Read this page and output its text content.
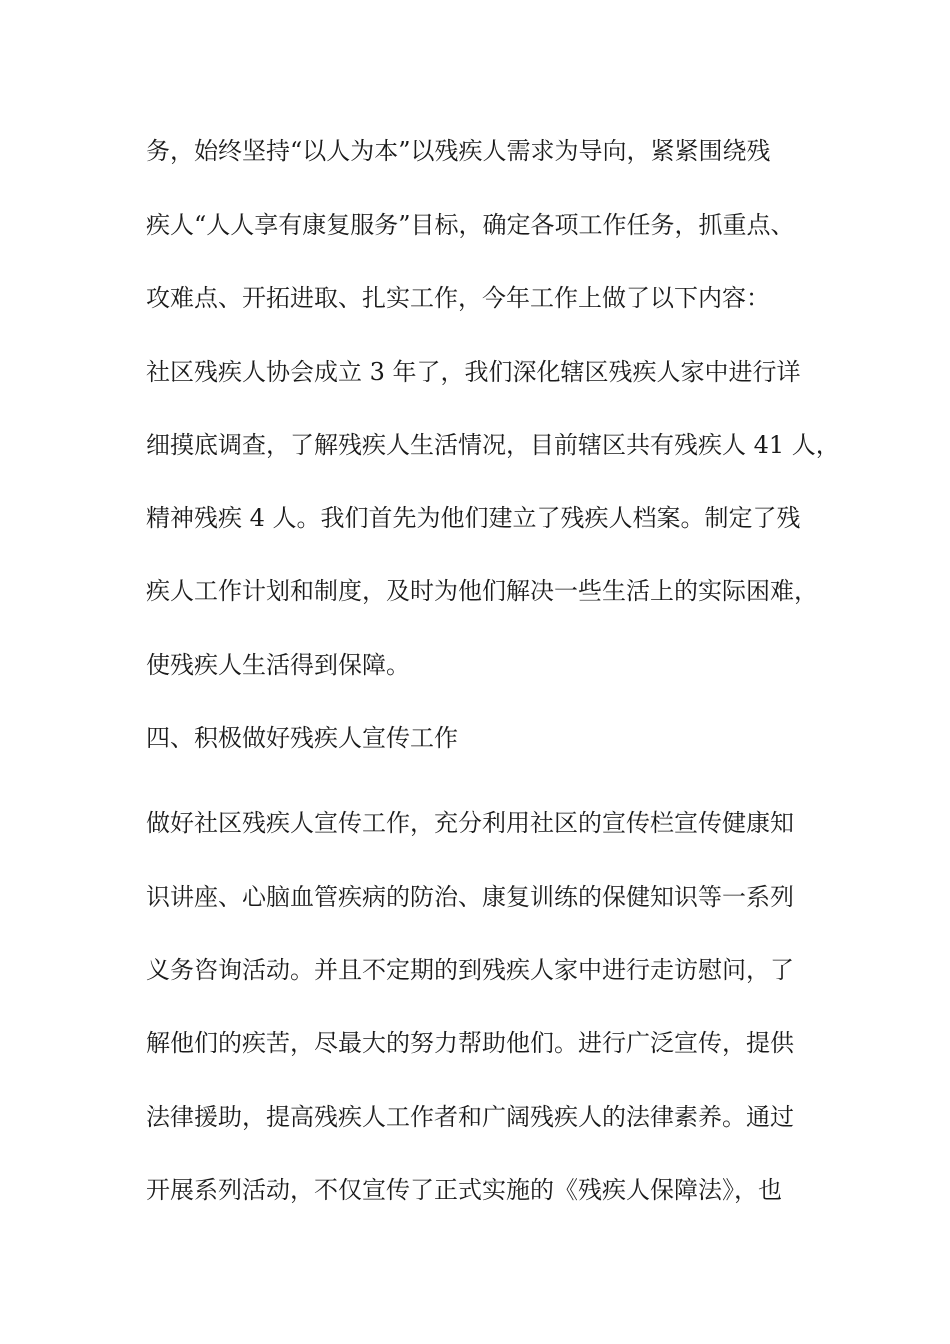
务，始终坚持“以人为本”以残疾人需求为导向，紧紧围绕残

疾人“人人享有康复服务”目标，确定各项工作任务，抓重点、

攻难点、开拓进取、扎实工作，今年工作上做了以下内容：

社区残疾人协会成立 3 年了，我们深化辖区残疾人家中进行详

细摸底调查，了解残疾人生活情况，目前辖区共有残疾人 41 人，

精神残疾 4 人。我们首先为他们建立了残疾人档案。制定了残

疾人工作计划和制度，及时为他们解决一些生活上的实际困难，

使残疾人生活得到保障。

四、积极做好残疾人宣传工作

做好社区残疾人宣传工作，充分利用社区的宣传栏宣传健康知

识讲座、心脑血管疾病的防治、康复训练的保健知识等一系列

义务咨询活动。并且不定期的到残疾人家中进行走访慰问，了

解他们的疾苦，尽最大的努力帮助他们。进行广泛宣传，提供

法律援助，提高残疾人工作者和广阔残疾人的法律素养。通过

开展系列活动，不仅宣传了正式实施的《残疾人保障法》，也
